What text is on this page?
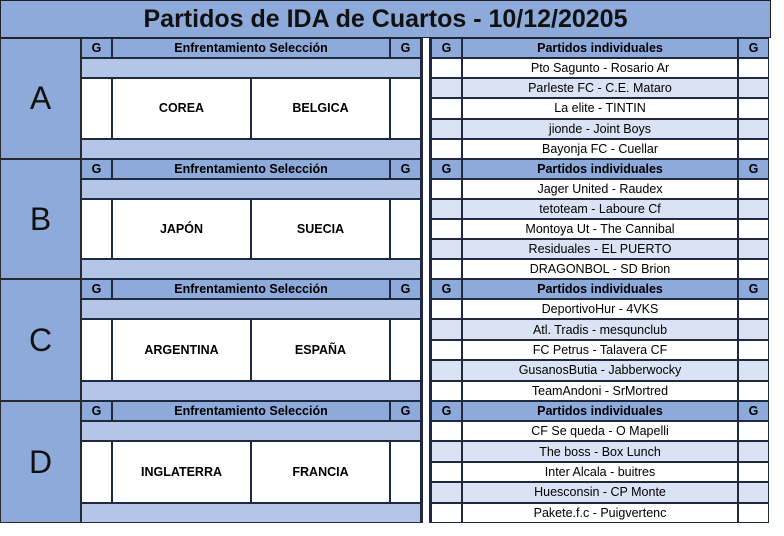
Partidos de IDA de Cuartos - 10/12/20205
A
G	Enfrentamiento Selección	G
COREA	BELGICA
G	Partidos individuales	G
Pto Sagunto - Rosario Ar
Parleste FC - C.E. Mataro
La elite - TINTIN
jionde - Joint Boys
Bayonja FC - Cuellar
B
G	Enfrentamiento Selección	G
JAPÓN	SUECIA
G	Partidos individuales	G
Jager United - Raudex
tetoteam - Laboure Cf
Montoya Ut - The Cannibal
Residuales - EL PUERTO
DRAGONBOL - SD Brion
C
G	Enfrentamiento Selección	G
ARGENTINA	ESPAÑA
G	Partidos individuales	G
DeportivoHur - 4VKS
Atl. Tradis - mesqunclub
FC Petrus - Talavera CF
GusanosButia - Jabberwocky
TeamAndoni - SrMortred
D
G	Enfrentamiento Selección	G
INGLATERRA	FRANCIA
G	Partidos individuales	G
CF Se queda - O Mapelli
The boss - Box Lunch
Inter Alcala - buitres
Huesconsin - CP Monte
Pakete.f.c - Puigvertenc
